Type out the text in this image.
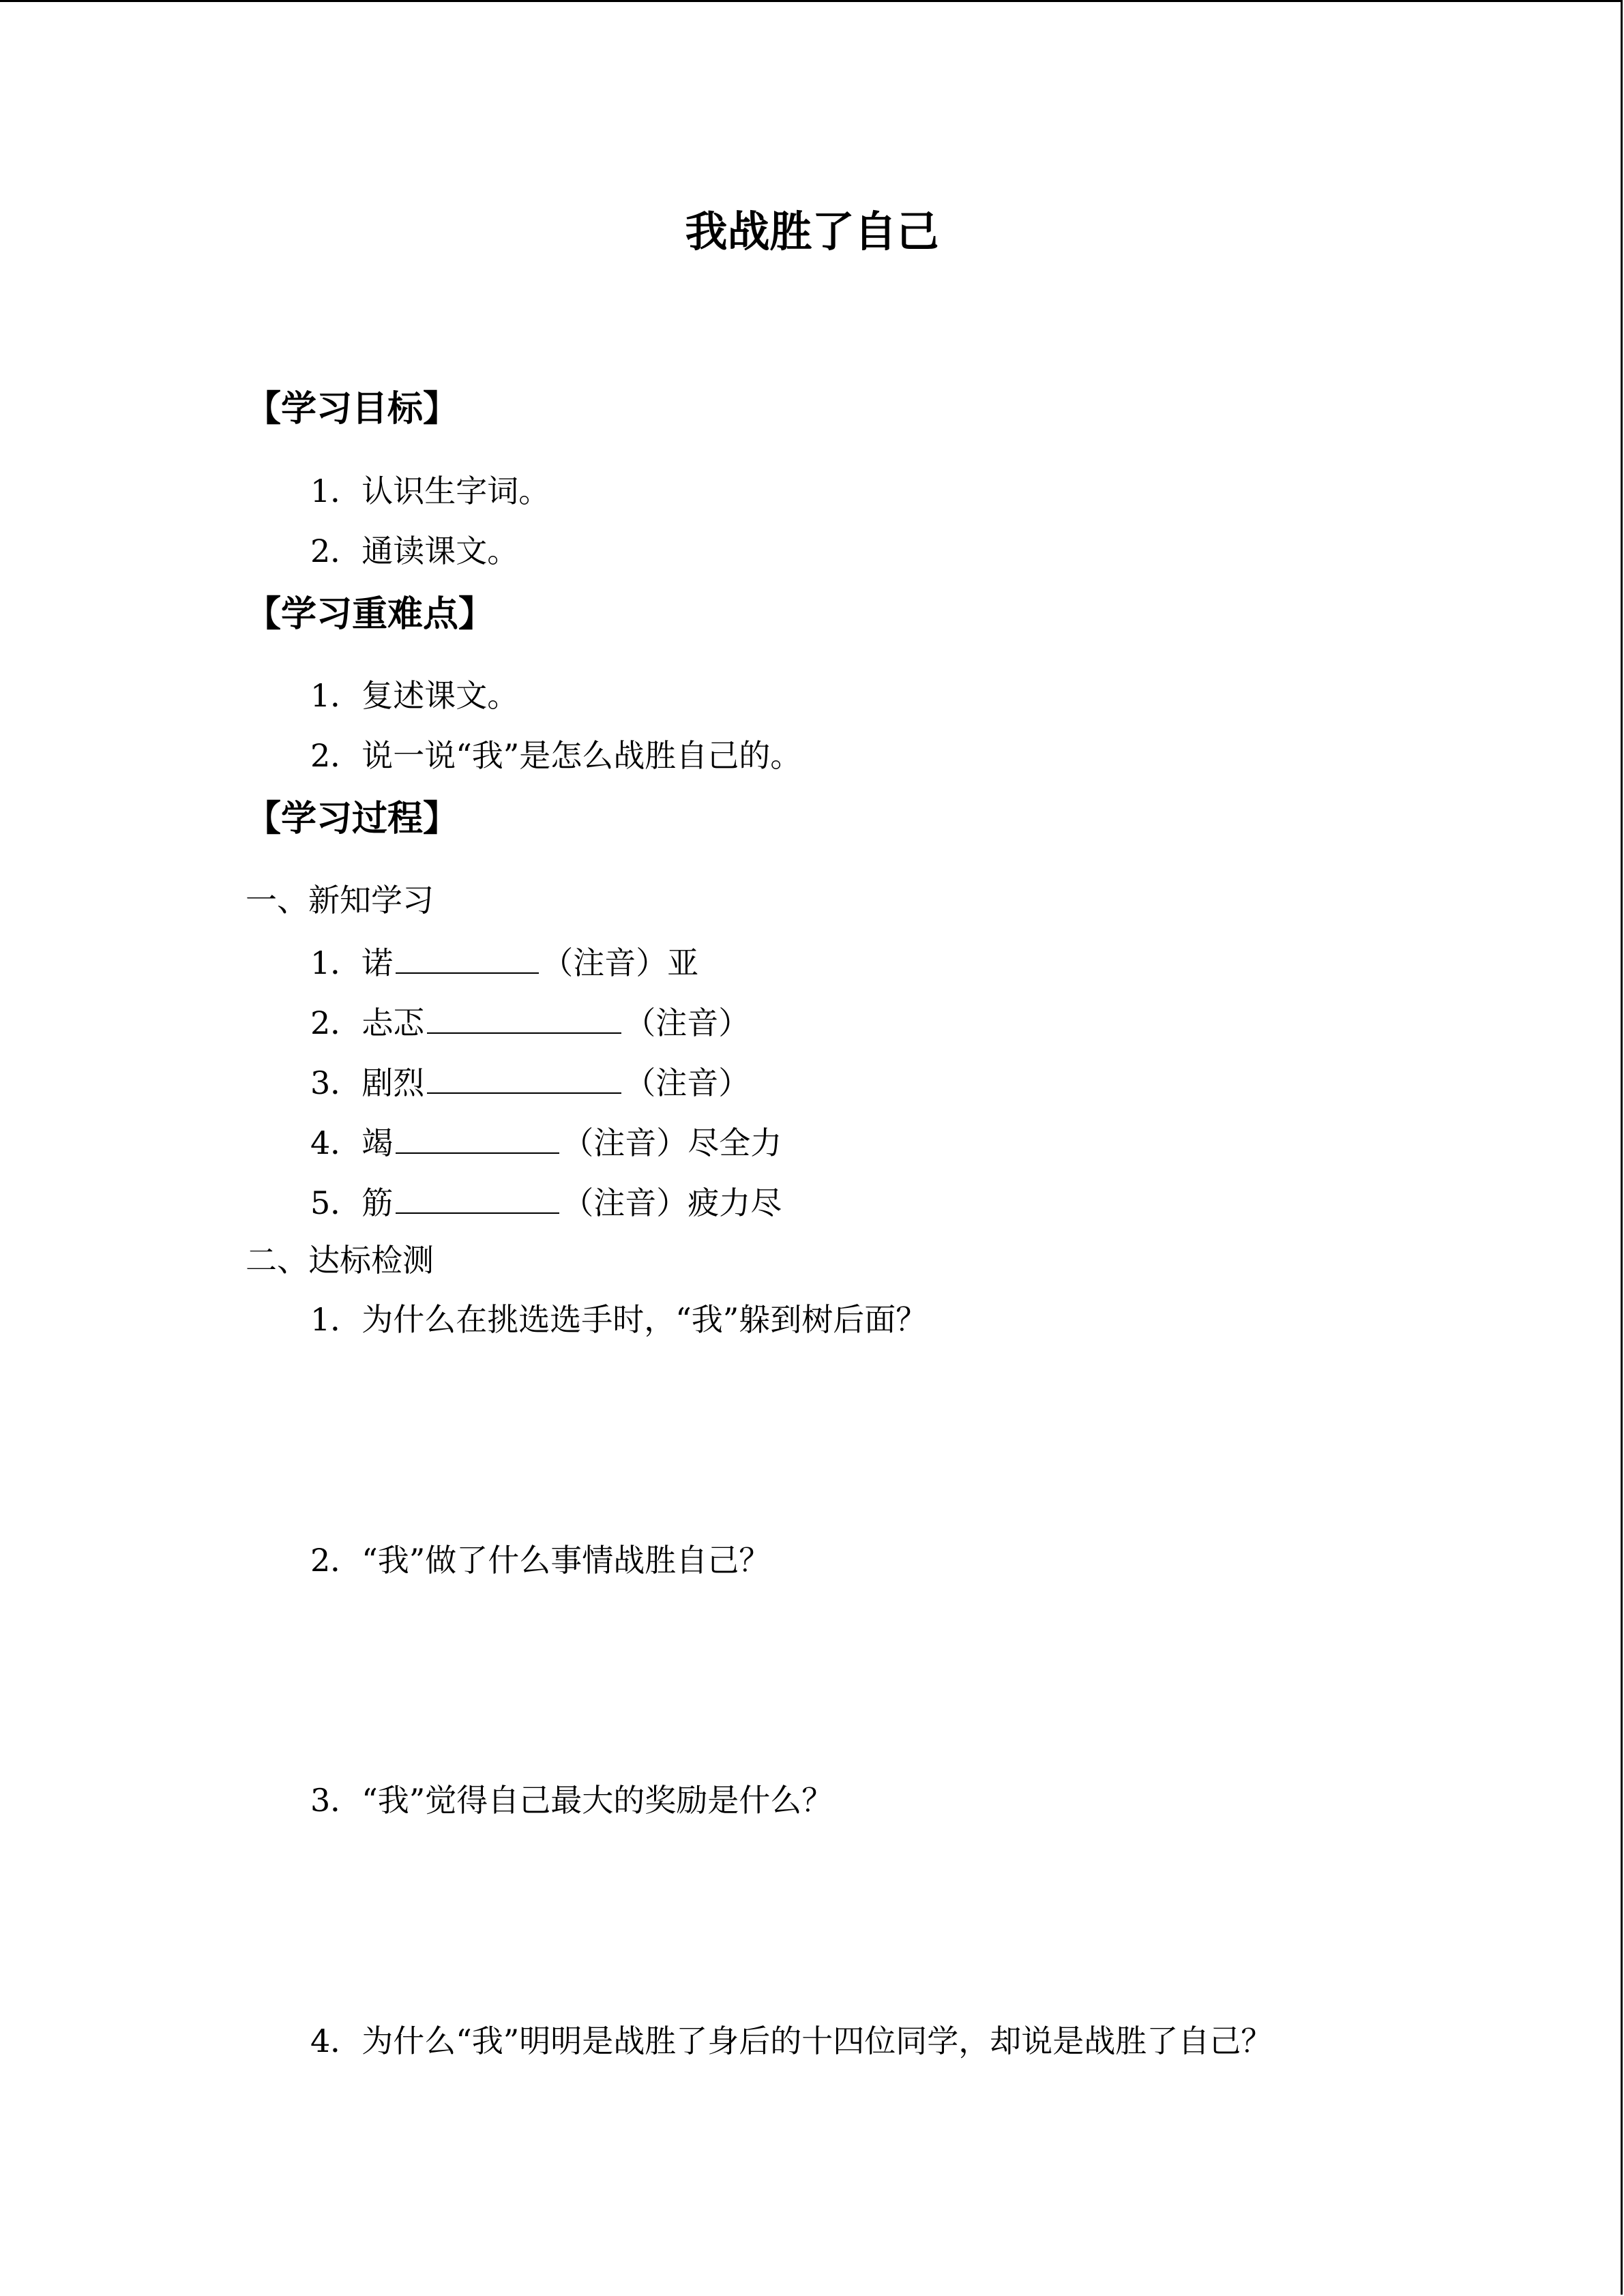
我战胜了自己
【学习目标】
1．认识生字词。
2．通读课文。
【学习重难点】
1．复述课文。
2．说一说“我”是怎么战胜自己的。
【学习过程】
一、新知学习
1．诺	（注音）亚
2．忐忑	（注音）
3．剧烈	（注音）
4．竭	（注音）尽全力
5．筋	（注音）疲力尽
二、达标检测
1．为什么在挑选选手时，“我”躲到树后面？
2．“我”做了什么事情战胜自己？
3．“我”觉得自己最大的奖励是什么？
4．为什么“我”明明是战胜了身后的十四位同学，却说是战胜了自己？
